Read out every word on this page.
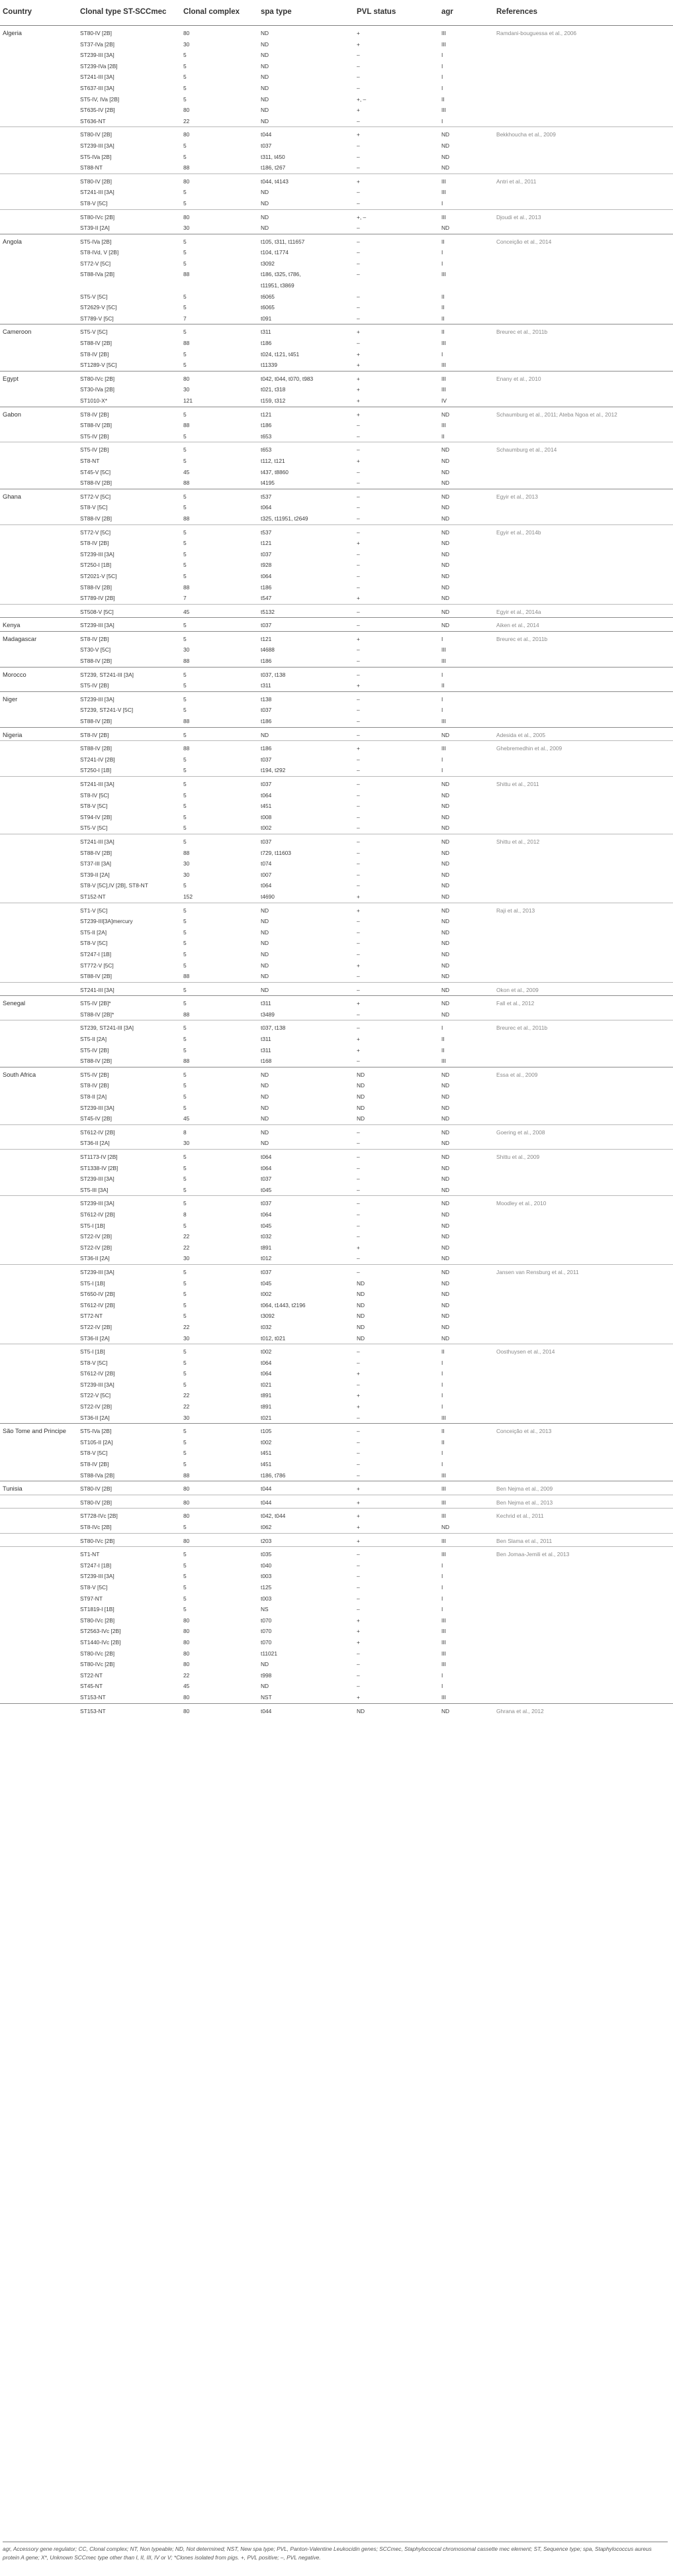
Country	Clonal type ST-SCCmec	Clonal complex	spa type	PVL status	agr	References
Algeria	ST80-IV [2B]	80	ND	+	III	Ramdani-bouguessa et al., 2006
	ST37-IVa [2B]	30	ND	+	III	
	ST239-III [3A]	5	ND	–	I	
	ST239-IVa [2B]	5	ND	–	I	
	ST241-III [3A]	5	ND	–	I	
	ST637-III [3A]	5	ND	–	I	
	ST5-IV, IVa [2B]	5	ND	+, –	II	
	ST635-IV [2B]	80	ND	+	III	
	ST636-NT	22	ND	–	I	
	ST80-IV [2B]	80	t044	+	ND	Bekkhoucha et al., 2009
	ST239-III [3A]	5	t037	–	ND	
	ST5-IVa [2B]	5	t311, t450	–	ND	
	ST88-NT	88	t186, t267	–	ND	
	ST80-IV [2B]	80	t044, t4143	+	III	Antri et al., 2011
	ST241-III [3A]	5	ND	–	III	
	ST8-V [5C]	5	ND	–	I	
	ST80-IVc [2B]	80	ND	+, –	III	Djoudi et al., 2013
	ST39-II [2A]	30	ND	–	ND	
Angola	ST5-IVa [2B]	5	t105, t311, t11657	–	II	Conceição et al., 2014
	ST8-IVd, V [2B]	5	t104, t1774	–	I	
	ST72-V [5C]	5	t3092	–	I	
	ST88-IVa [2B]	88	t186, t325, t786,
t11951, t3869	–	III	
	ST5-V [5C]	5	t6065	–	II	
	ST2629-V [5C]	5	t6065	–	II	
	ST789-V [5C]	7	t091	–	II	
Cameroon	ST5-V [5C]	5	t311	+	II	Breurec et al., 2011b
	ST88-IV [2B]	88	t186	–	III	
	ST8-IV [2B]	5	t024, t121, t451	+	I	
	ST1289-V [5C]	5	t11339	+	III	
Egypt	ST80-IVc [2B]	80	t042, t044, t070, t983	+	III	Enany et al., 2010
	ST30-IVa [2B]	30	t021, t318	+	III	
	ST1010-X*	121	t159, t312	+	IV	
Gabon	ST8-IV [2B]	5	t121	+	ND	Schaumburg et al., 2011; Ateba Ngoa et al., 2012
	ST88-IV [2B]	88	t186	–	III	
	ST5-IV [2B]	5	t653	–	II	
	ST5-IV [2B]	5	t653	–	ND	Schaumburg et al., 2014
	ST8-NT	5	t112, t121	+	ND	
	ST45-V [5C]	45	t437, t8860	–	ND	
	ST88-IV [2B]	88	t4195	–	ND	
Ghana	ST72-V [5C]	5	t537	–	ND	Egyir et al., 2013
	ST8-V [5C]	5	t064	–	ND	
	ST88-IV [2B]	88	t325, t11951, t2649	–	ND	
	ST72-V [5C]	5	t537	–	ND	Egyir et al., 2014b
	ST8-IV [2B]	5	t121	+	ND	
	ST239-III [3A]	5	t037	–	ND	
	ST250-I [1B]	5	t928	–	ND	
	ST2021-V [5C]	5	t064	–	ND	
	ST88-IV [2B]	88	t186	–	ND	
	ST789-IV [2B]	7	t547	+	ND	
	ST508-V [5C]	45	t5132	–	ND	Egyir et al., 2014a
Kenya	ST239-III [3A]	5	t037	–	ND	Aiken et al., 2014
Madagascar	ST8-IV [2B]	5	t121	+	I	Breurec et al., 2011b
	ST30-V [5C]	30	t4688	–	III	
	ST88-IV [2B]	88	t186	–	III	
Morocco	ST239, ST241-III [3A]	5	t037, t138	–	I	
	ST5-IV [2B]	5	t311	+	II	
Niger	ST239-III [3A]	5	t138	–	I	
	ST239, ST241-V [5C]	5	t037	–	I	
	ST88-IV [2B]	88	t186	–	III	
Nigeria	ST8-IV [2B]	5	ND	–	ND	Adesida et al., 2005
	ST88-IV [2B]	88	t186	+	III	Ghebremedhin et al., 2009
	ST241-IV [2B]	5	t037	–	I	
	ST250-I [1B]	5	t194, t292	–	I	
	ST241-III [3A]	5	t037	–	ND	Shittu et al., 2011
	ST8-IV [5C]	5	t064	–	ND	
	ST8-V [5C]	5	t451	–	ND	
	ST94-IV [2B]	5	t008	–	ND	
	ST5-V [5C]	5	t002	–	ND	
	ST241-III [3A]	5	t037	–	ND	Shittu et al., 2012
	ST88-IV [2B]	88	t729, t11603	–	ND	
	ST37-III [3A]	30	t074	–	ND	
	ST39-II [2A]	30	t007	–	ND	
	ST8-V [5C],IV [2B], ST8-NT	5	t064	–	ND	
	ST152-NT	152	t4690	+	ND	
	ST1-V [5C]	5	ND	+	ND	Raji et al., 2013
	ST239-III[3A]mercury	5	ND	–	ND	
	ST5-II [2A]	5	ND	–	ND	
	ST8-V [5C]	5	ND	–	ND	
	ST247-I [1B]	5	ND	–	ND	
	ST772-V [5C]	5	ND	+	ND	
	ST88-IV [2B]	88	ND	–	ND	
	ST241-III [3A]	5	ND	–	ND	Okon et al., 2009
Senegal	ST5-IV [2B]*	5	t311	+	ND	Fall et al., 2012
	ST88-IV [2B]*	88	t3489	–	ND	
	ST239, ST241-III [3A]	5	t037, t138	–	I	Breurec et al., 2011b
	ST5-II [2A]	5	t311	+	II	
	ST5-IV [2B]	5	t311	+	II	
	ST88-IV [2B]	88	t168	–	III	
South Africa	ST5-IV [2B]	5	ND	ND	ND	Essa et al., 2009
	ST8-IV [2B]	5	ND	ND	ND	
	ST8-II [2A]	5	ND	ND	ND	
	ST239-III [3A]	5	ND	ND	ND	
	ST45-IV [2B]	45	ND	ND	ND	
	ST612-IV [2B]	8	ND	–	ND	Goering et al., 2008
	ST36-II [2A]	30	ND	–	ND	
	ST1173-IV [2B]	5	t064	–	ND	Shittu et al., 2009
	ST1338-IV [2B]	5	t064	–	ND	
	ST239-III [3A]	5	t037	–	ND	
	ST5-III [3A]	5	t045	–	ND	
	ST239-III [3A]	5	t037	–	ND	Moodley et al., 2010
	ST612-IV [2B]	8	t064	–	ND	
	ST5-I [1B]	5	t045	–	ND	
	ST22-IV [2B]	22	t032	–	ND	
	ST22-IV [2B]	22	t891	+	ND	
	ST36-II [2A]	30	t012	–	ND	
	ST239-III [3A]	5	t037	–	ND	Jansen van Rensburg et al., 2011
	ST5-I [1B]	5	t045	ND	ND	
	ST650-IV [2B]	5	t002	ND	ND	
	ST612-IV [2B]	5	t064, t1443, t2196	ND	ND	
	ST72-NT	5	t3092	ND	ND	
	ST22-IV [2B]	22	t032	ND	ND	
	ST36-II [2A]	30	t012, t021	ND	ND	
	ST5-I [1B]	5	t002	–	II	Oosthuysen et al., 2014
	ST8-V [5C]	5	t064	–	I	
	ST612-IV [2B]	5	t064	+	I	
	ST239-III [3A]	5	t021	–	I	
	ST22-V [5C]	22	t891	+	I	
	ST22-IV [2B]	22	t891	+	I	
	ST36-II [2A]	30	t021	–	III	
São Tome and Principe	ST5-IVa [2B]	5	t105	–	II	Conceição et al., 2013
	ST105-II [2A]	5	t002	–	II	
	ST8-V [5C]	5	t451	–	I	
	ST8-IV [2B]	5	t451	–	I	
	ST88-IVa [2B]	88	t186, t786	–	III	
Tunisia	ST80-IV [2B]	80	t044	+	III	Ben Nejma et al., 2009
	ST80-IV [2B]	80	t044	+	III	Ben Nejma et al., 2013
	ST728-IVc [2B]	80	t042, t044	+	III	Kechrid et al., 2011
	ST8-IVc [2B]	5	t062	+	ND	
	ST80-IVc [2B]	80	t203	+	III	Ben Slama et al., 2011
	ST1-NT	5	t035	–	III	Ben Jomaa-Jemili et al., 2013
	ST247-I [1B]	5	t040	–	I	
	ST239-III [3A]	5	t003	–	I	
	ST8-V [5C]	5	t125	–	I	
	ST97-NT	5	t003	–	I	
	ST1819-I [1B]	5	NS	–	I	
	ST80-IVc [2B]	80	t070	+	III	
	ST2563-IVc [2B]	80	t070	+	III	
	ST1440-IVc [2B]	80	t070	+	III	
	ST80-IVc [2B]	80	t11021	–	III	
	ST80-IVc [2B]	80	ND	–	III	
	ST22-NT	22	t998	–	I	
	ST45-NT	45	ND	–	I	
	ST153-NT	80	NST	+	III	
	ST153-NT	80	t044	ND	ND	Ghrana et al., 2012
agr, Accessory gene regulator; CC, Clonal complex; NT, Non typeable; ND, Not determined; NST, New spa type; PVL, Panton-Valentine Leukocidin genes; SCCmec, Staphylococcal chromosomal cassette mec element; ST, Sequence type; spa, Staphylococcus aureus protein A gene; X*, Unknown SCCmec type other than I, II, III, IV or V; *Clones isolated from pigs. +, PVL positive; –, PVL negative.
